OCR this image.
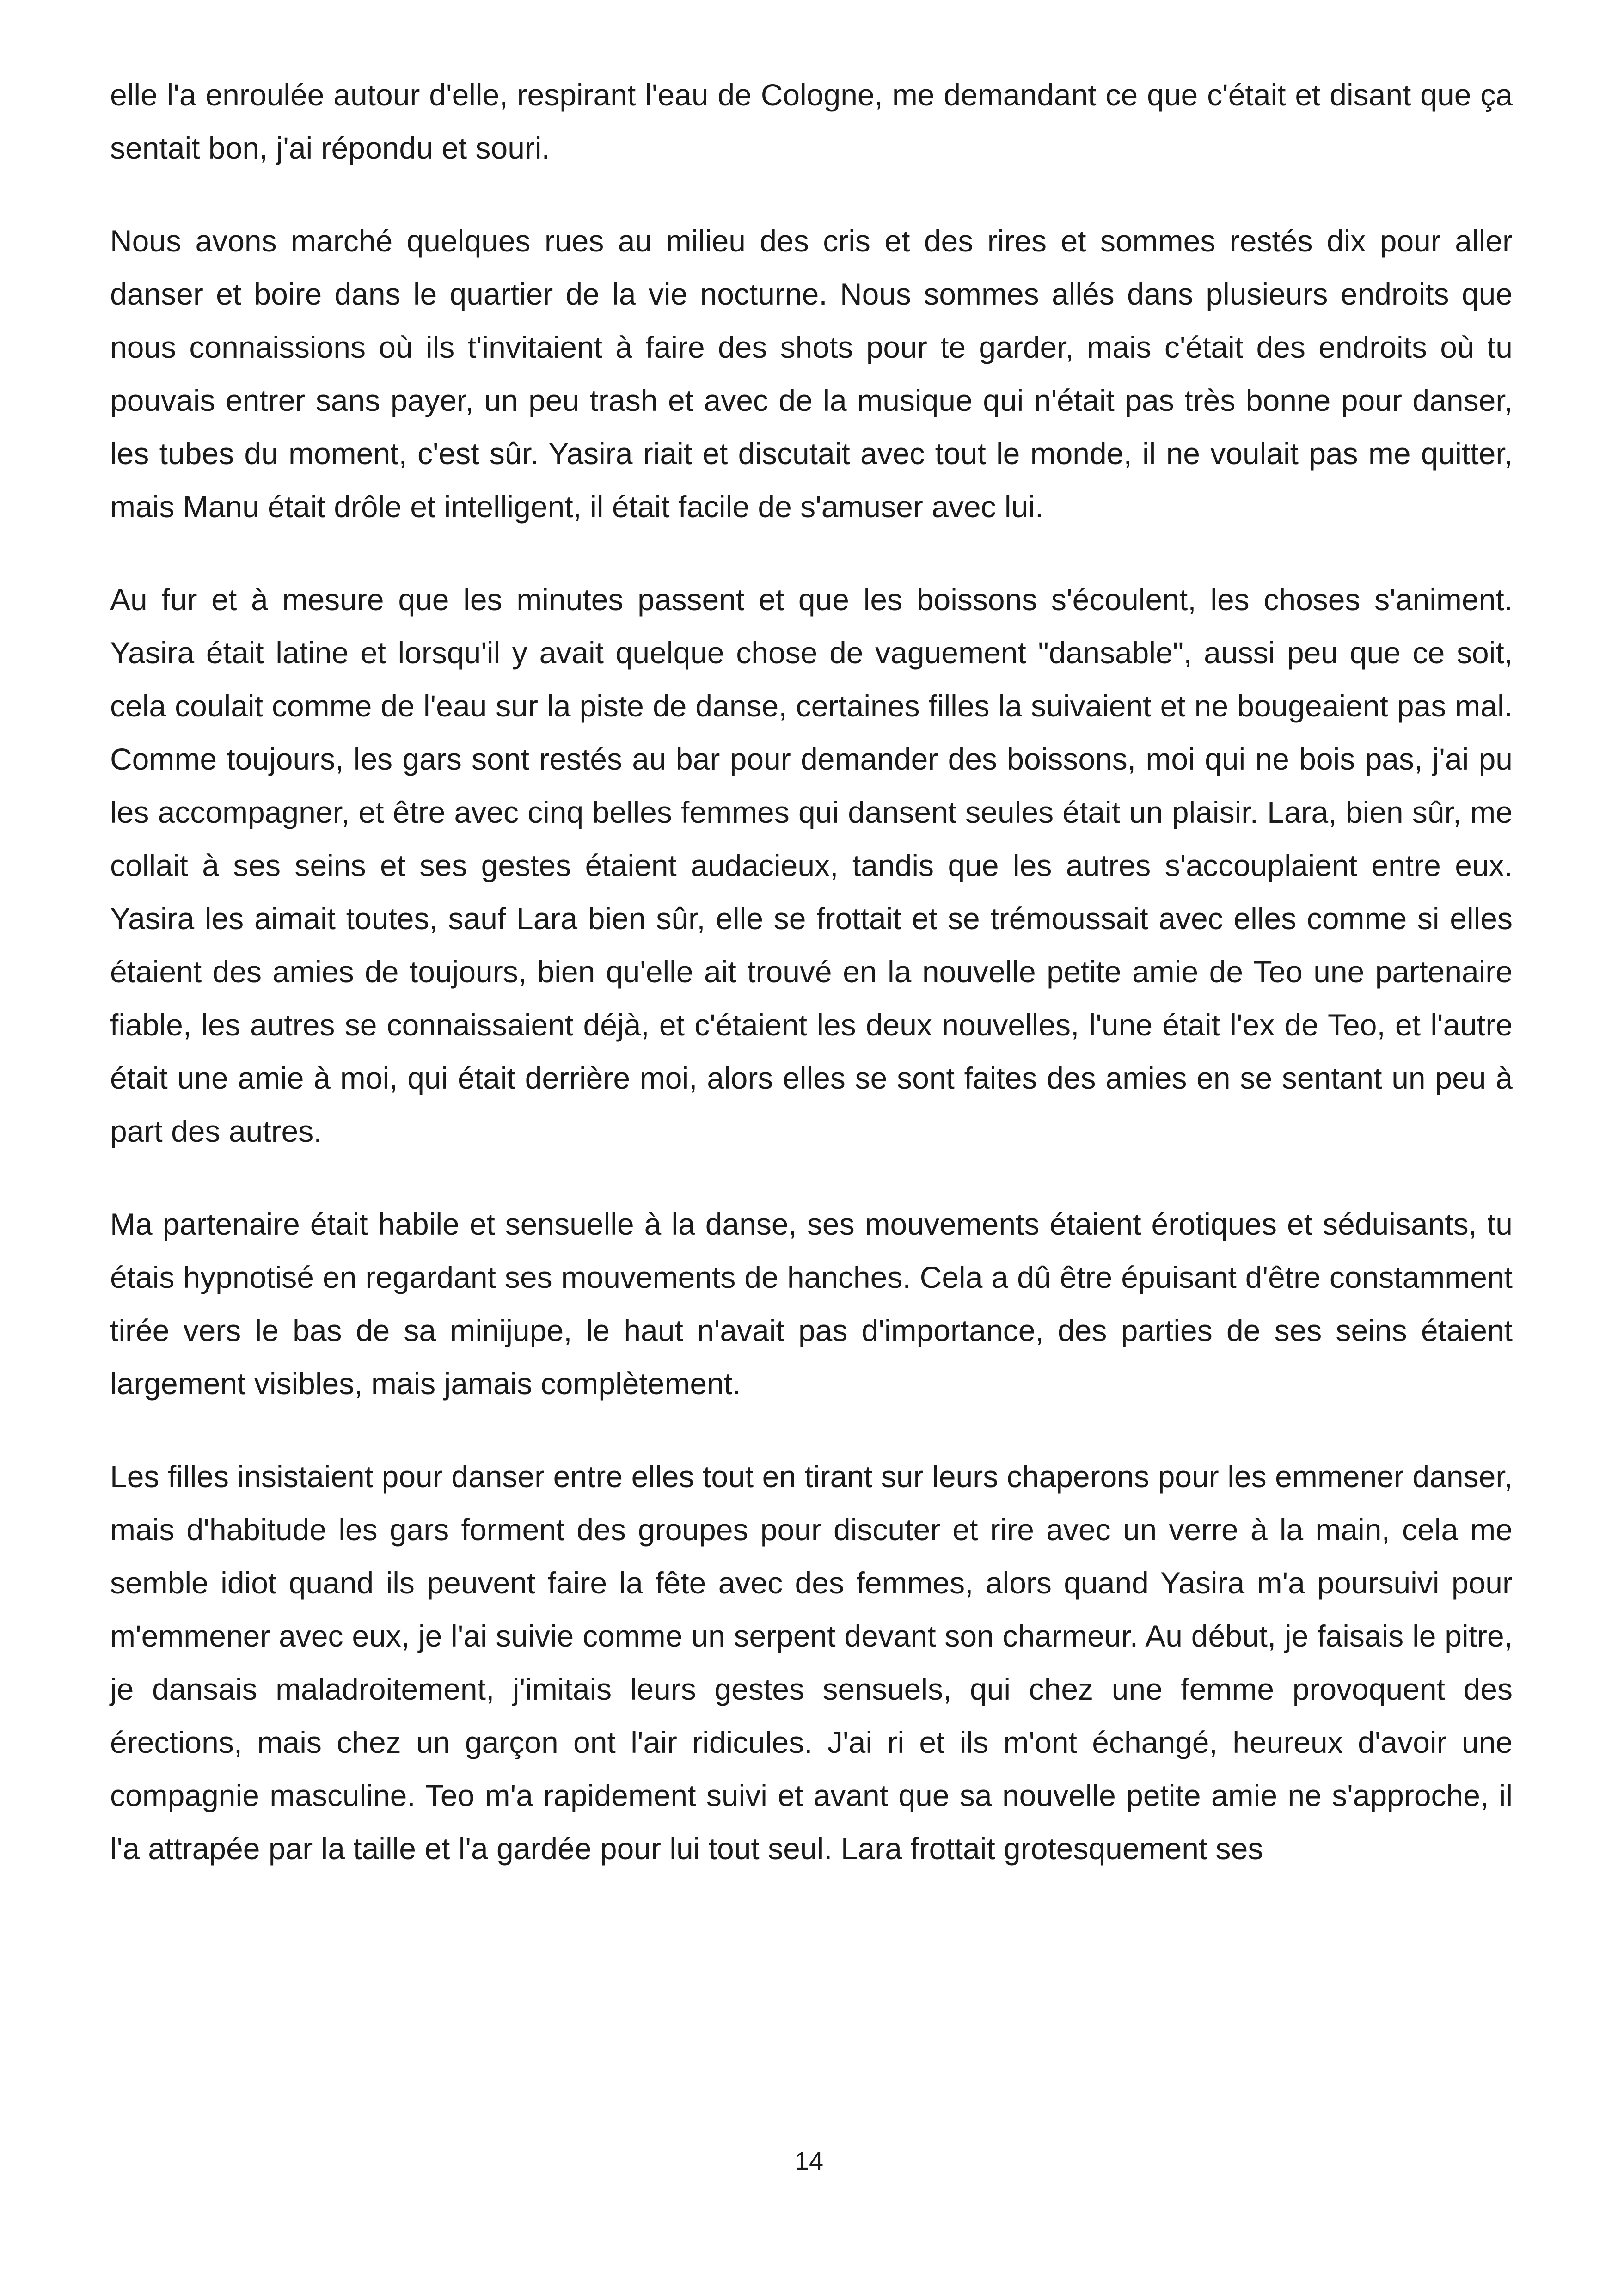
elle l'a enroulée autour d'elle, respirant l'eau de Cologne, me demandant ce que c'était et disant que ça sentait bon, j'ai répondu et souri.

Nous avons marché quelques rues au milieu des cris et des rires et sommes restés dix pour aller danser et boire dans le quartier de la vie nocturne. Nous sommes allés dans plusieurs endroits que nous connaissions où ils t'invitaient à faire des shots pour te garder, mais c'était des endroits où tu pouvais entrer sans payer, un peu trash et avec de la musique qui n'était pas très bonne pour danser, les tubes du moment, c'est sûr. Yasira riait et discutait avec tout le monde, il ne voulait pas me quitter, mais Manu était drôle et intelligent, il était facile de s'amuser avec lui.

Au fur et à mesure que les minutes passent et que les boissons s'écoulent, les choses s'animent. Yasira était latine et lorsqu'il y avait quelque chose de vaguement "dansable", aussi peu que ce soit, cela coulait comme de l'eau sur la piste de danse, certaines filles la suivaient et ne bougeaient pas mal. Comme toujours, les gars sont restés au bar pour demander des boissons, moi qui ne bois pas, j'ai pu les accompagner, et être avec cinq belles femmes qui dansent seules était un plaisir. Lara, bien sûr, me collait à ses seins et ses gestes étaient audacieux, tandis que les autres s'accouplaient entre eux. Yasira les aimait toutes, sauf Lara bien sûr, elle se frottait et se trémoussait avec elles comme si elles étaient des amies de toujours, bien qu'elle ait trouvé en la nouvelle petite amie de Teo une partenaire fiable, les autres se connaissaient déjà, et c'étaient les deux nouvelles, l'une était l'ex de Teo, et l'autre était une amie à moi, qui était derrière moi, alors elles se sont faites des amies en se sentant un peu à part des autres.

Ma partenaire était habile et sensuelle à la danse, ses mouvements étaient érotiques et séduisants, tu étais hypnotisé en regardant ses mouvements de hanches. Cela a dû être épuisant d'être constamment tirée vers le bas de sa minijupe, le haut n'avait pas d'importance, des parties de ses seins étaient largement visibles, mais jamais complètement.

Les filles insistaient pour danser entre elles tout en tirant sur leurs chaperons pour les emmener danser, mais d'habitude les gars forment des groupes pour discuter et rire avec un verre à la main, cela me semble idiot quand ils peuvent faire la fête avec des femmes, alors quand Yasira m'a poursuivi pour m'emmener avec eux, je l'ai suivie comme un serpent devant son charmeur. Au début, je faisais le pitre, je dansais maladroitement, j'imitais leurs gestes sensuels, qui chez une femme provoquent des érections, mais chez un garçon ont l'air ridicules. J'ai ri et ils m'ont échangé, heureux d'avoir une compagnie masculine. Teo m'a rapidement suivi et avant que sa nouvelle petite amie ne s'approche, il l'a attrapée par la taille et l'a gardée pour lui tout seul. Lara frottait grotesquement ses

14
